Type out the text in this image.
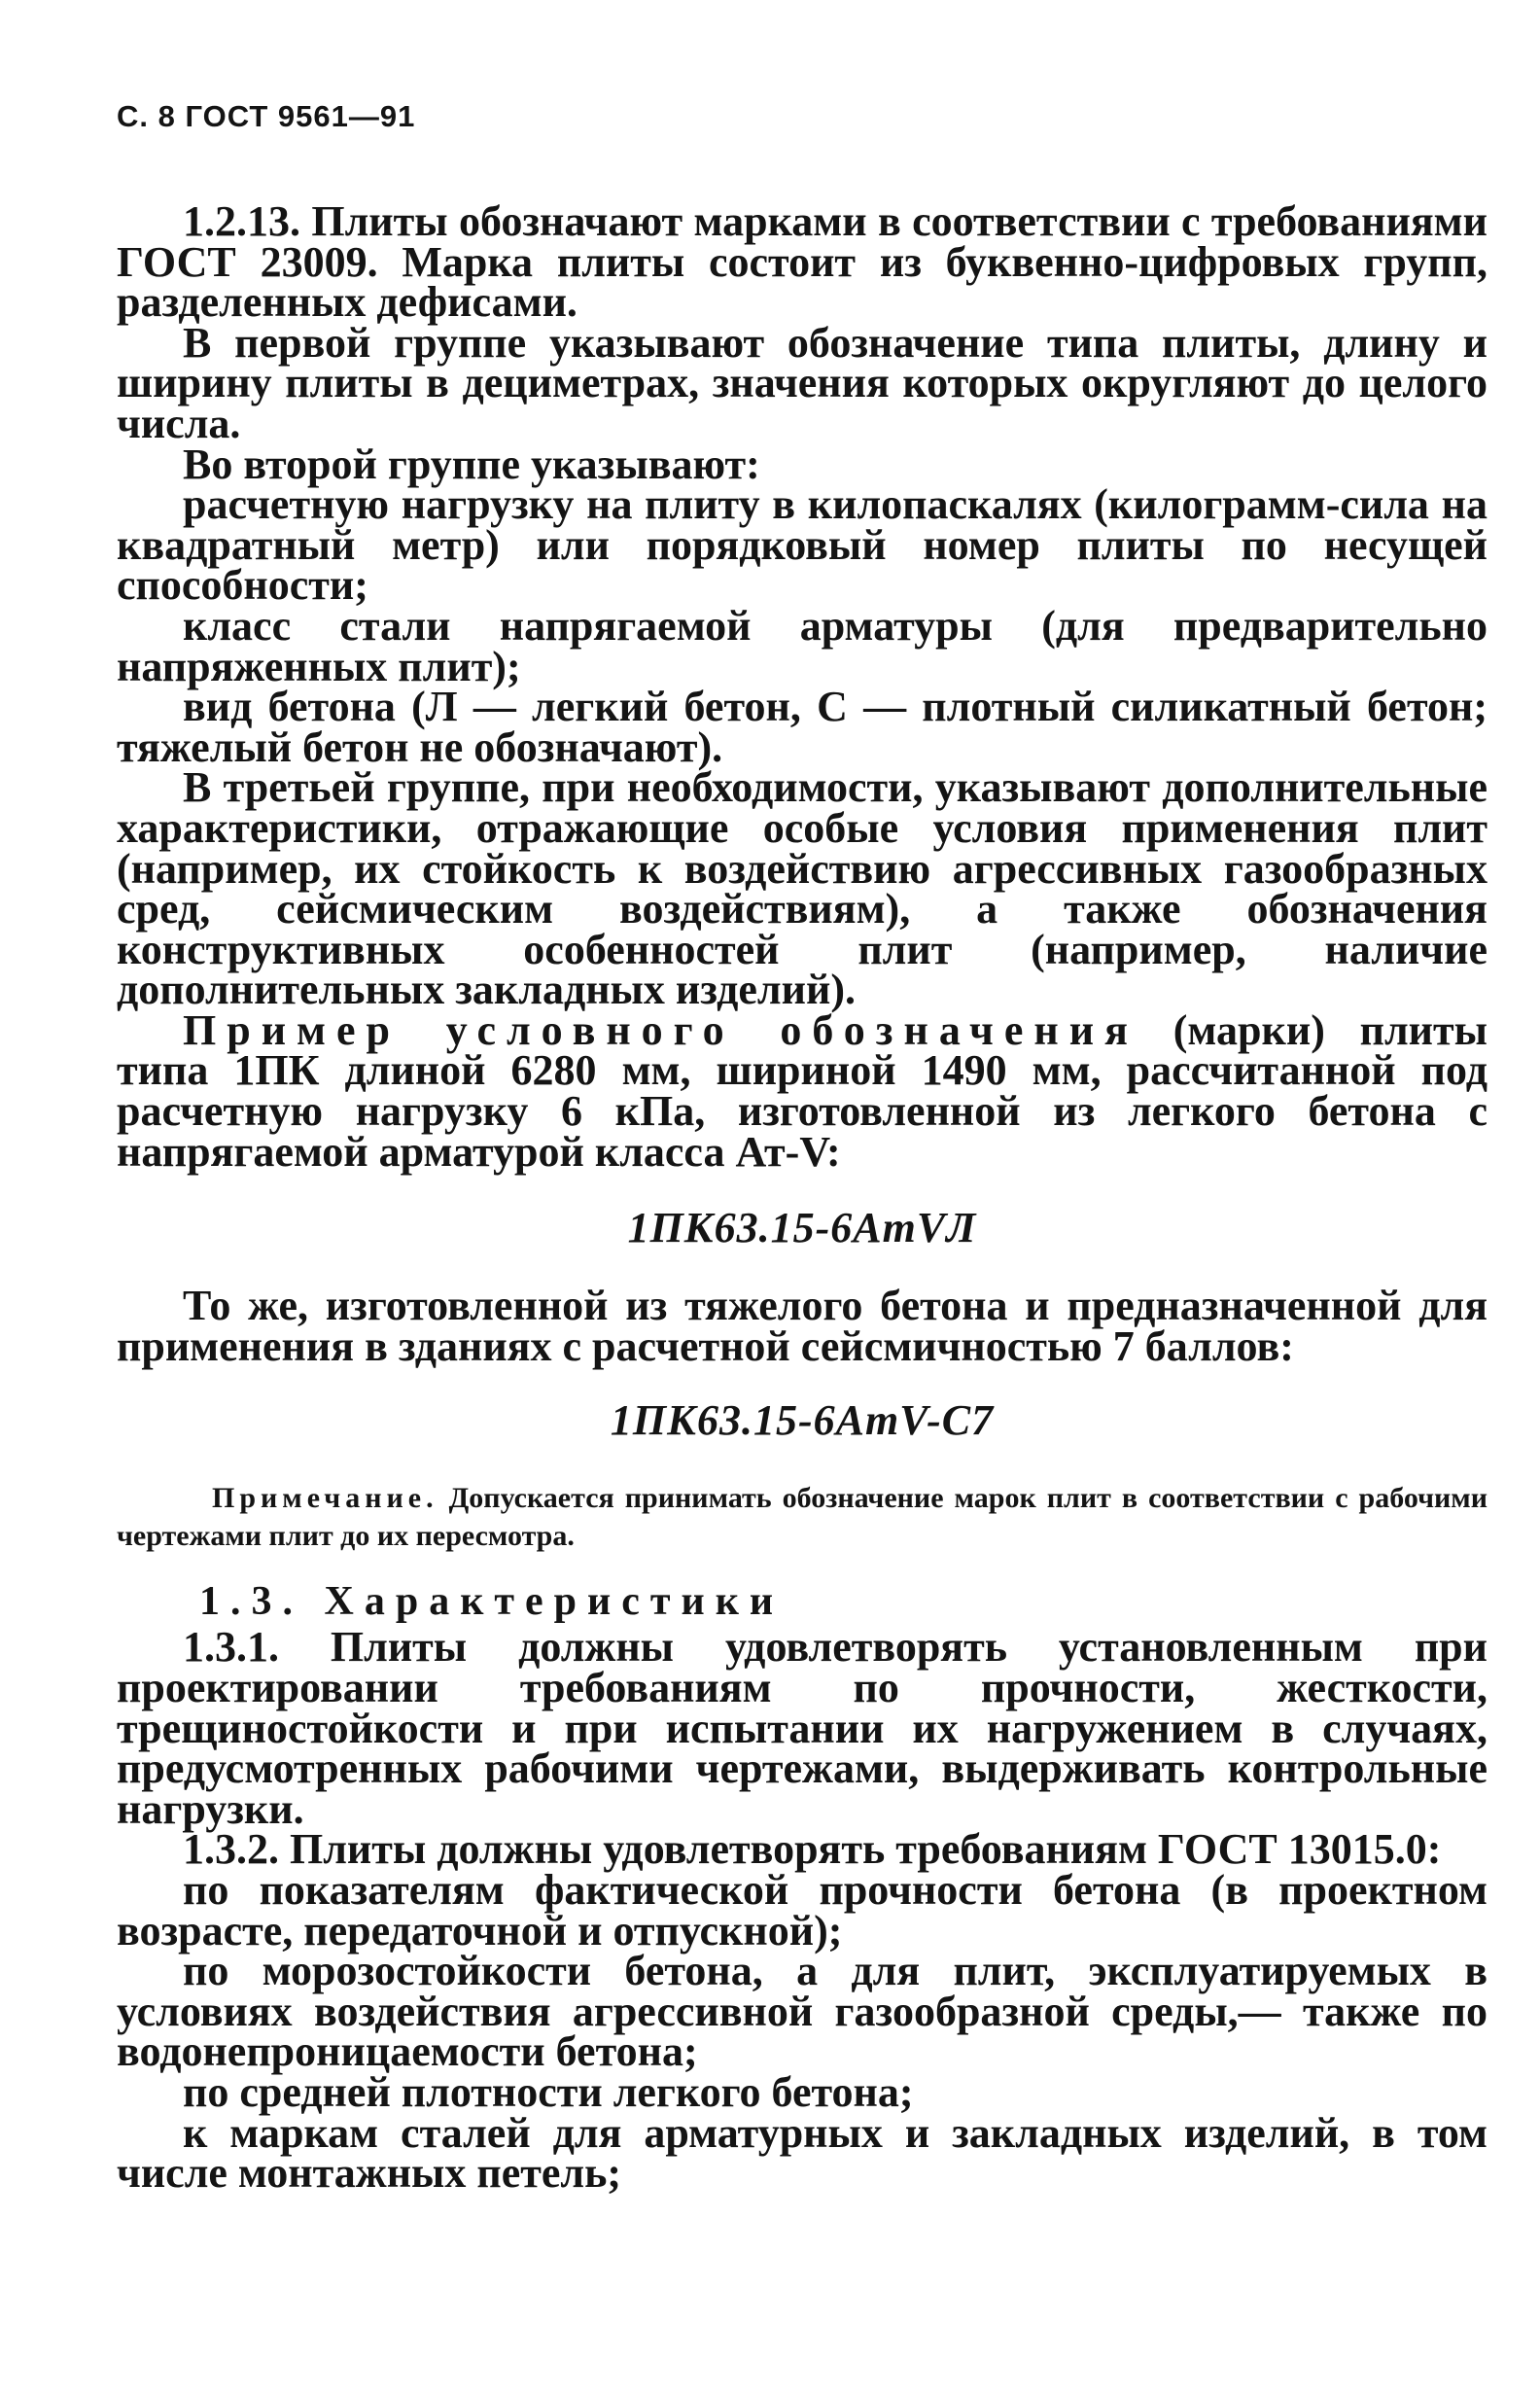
С. 8 ГОСТ 9561—91

1.2.13. Плиты обозначают марками в соответствии с требованиями ГОСТ 23009. Марка плиты состоит из буквенно-цифровых групп, разделенных дефисами.

В первой группе указывают обозначение типа плиты, длину и ширину плиты в дециметрах, значения которых округляют до целого числа.

Во второй группе указывают:

расчетную нагрузку на плиту в килопаскалях (килограмм-сила на квадратный метр) или порядковый номер плиты по несущей способности;

класс стали напрягаемой арматуры (для предварительно напряженных плит);

вид бетона (Л — легкий бетон, С — плотный силикатный бетон; тяжелый бетон не обозначают).

В третьей группе, при необходимости, указывают дополнительные характеристики, отражающие особые условия применения плит (например, их стойкость к воздействию агрессивных газообразных сред, сейсмическим воздействиям), а также обозначения конструктивных особенностей плит (например, наличие дополнительных закладных изделий).

Пример условного обозначения (марки) плиты типа 1ПК длиной 6280 мм, шириной 1490 мм, рассчитанной под расчетную нагрузку 6 кПа, изготовленной из легкого бетона с напрягаемой арматурой класса Ат-V:

1ПК63.15-6АтVЛ

То же, изготовленной из тяжелого бетона и предназначенной для применения в зданиях с расчетной сейсмичностью 7 баллов:

1ПК63.15-6АтV-С7

Примечание. Допускается принимать обозначение марок плит в соответствии с рабочими чертежами плит до их пересмотра.

1.3. Характеристики

1.3.1. Плиты должны удовлетворять установленным при проектировании требованиям по прочности, жесткости, трещиностойкости и при испытании их нагружением в случаях, предусмотренных рабочими чертежами, выдерживать контрольные нагрузки.

1.3.2. Плиты должны удовлетворять требованиям ГОСТ 13015.0:

по показателям фактической прочности бетона (в проектном возрасте, передаточной и отпускной);

по морозостойкости бетона, а для плит, эксплуатируемых в условиях воздействия агрессивной газообразной среды,— также по водонепроницаемости бетона;

по средней плотности легкого бетона;

к маркам сталей для арматурных и закладных изделий, в том числе монтажных петель;
